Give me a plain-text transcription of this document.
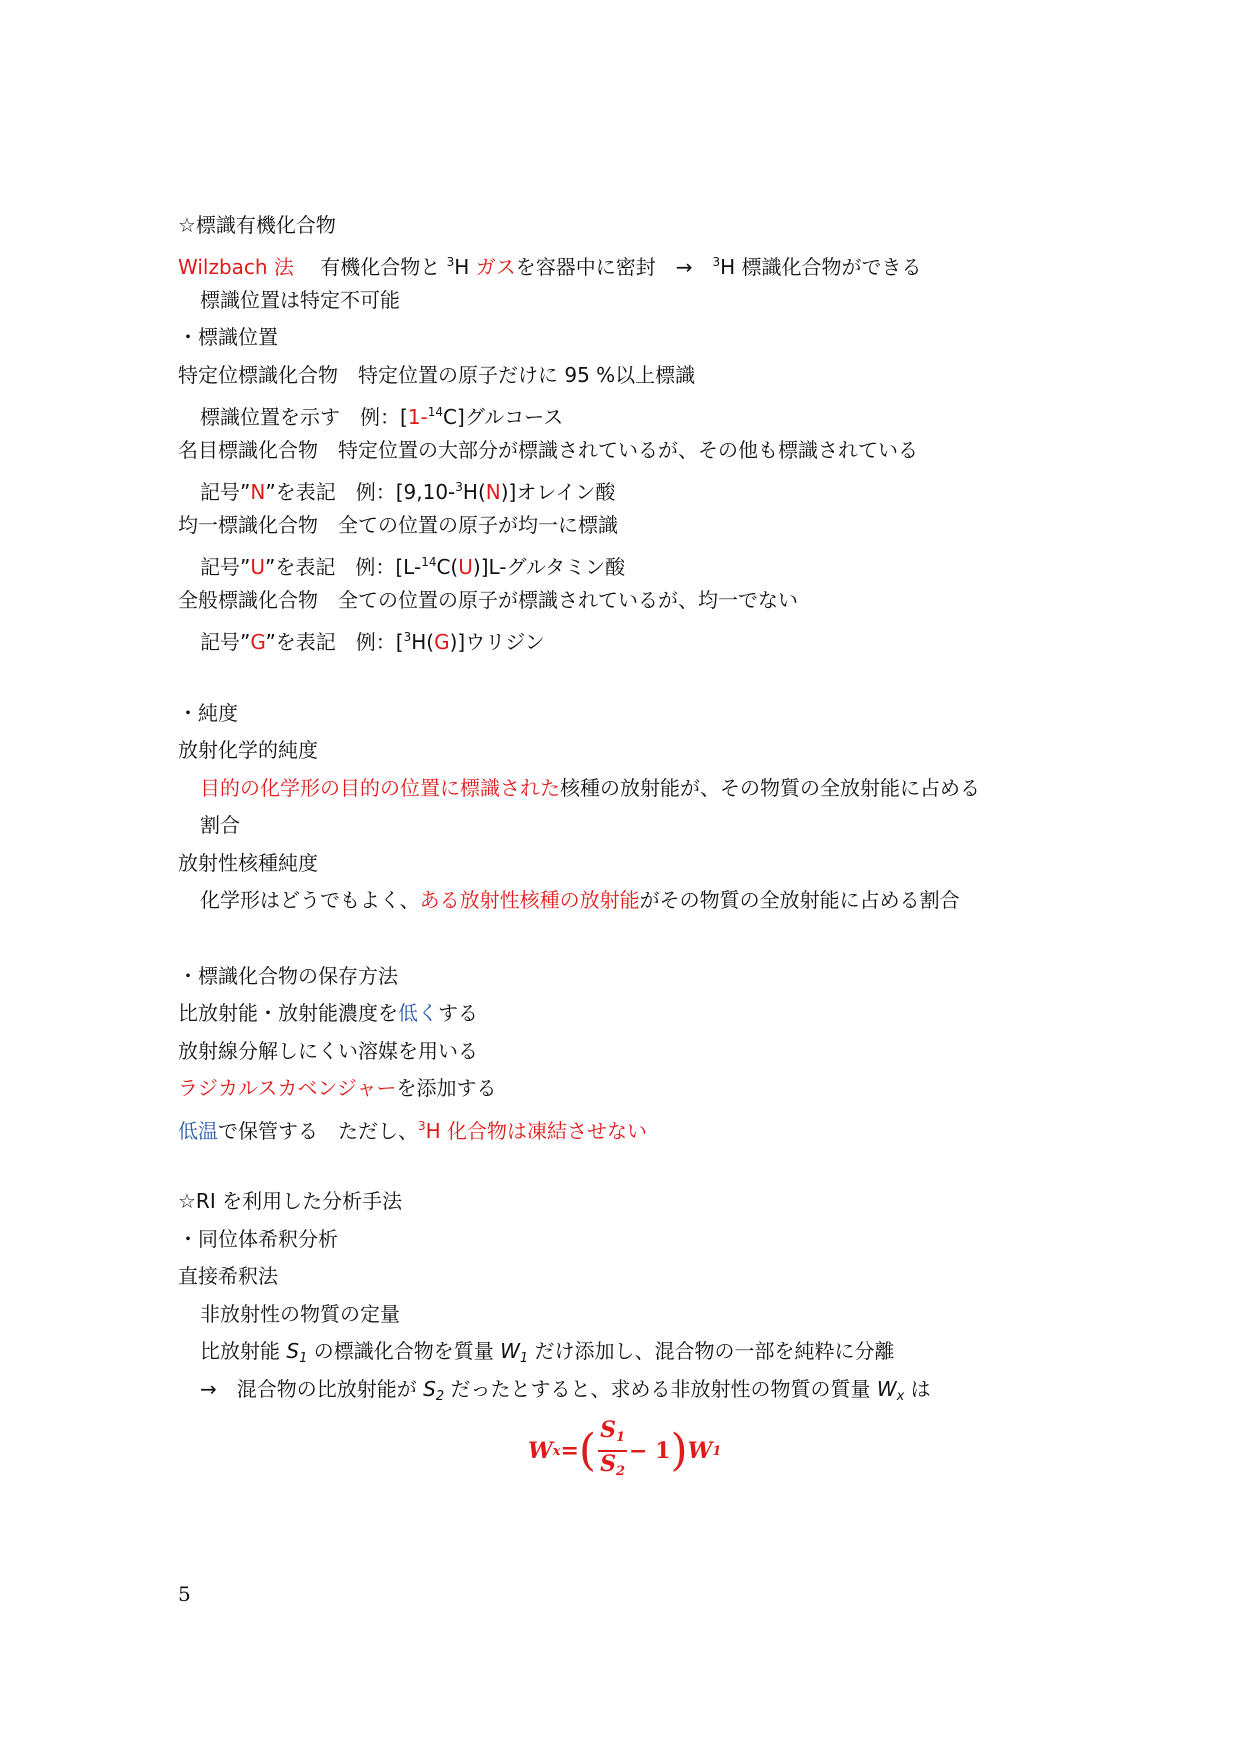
☆標識有機化合物
Wilzbach 法 　 有機化合物と $^3$H ガスを容器中に密封　→　$^3$H 標識化合物ができる
標識位置は特定不可能
・標識位置
特定位標識化合物　特定位置の原子だけに 95 %以上標識
標識位置を示す　例：[1-$^{14}$C]グルコース
名目標識化合物　特定位置の大部分が標識されているが、その他も標識されている
記号”N”を表記　例：[9,10-$^3$H(N)]オレイン酸
均一標識化合物　全ての位置の原子が均一に標識
記号”U”を表記　例：[L-$^{14}$C(U)]L-グルタミン酸
全般標識化合物　全ての位置の原子が標識されているが、均一でない
記号”G”を表記　例：[$^3$H(G)]ウリジン
・純度
放射化学的純度
目的の化学形の目的の位置に標識された核種の放射能が、その物質の全放射能に占める
割合
放射性核種純度
化学形はどうでもよく、ある放射性核種の放射能がその物質の全放射能に占める割合
・標識化合物の保存方法
比放射能・放射能濃度を低くする
放射線分解しにくい溶媒を用いる
ラジカルスカベンジャーを添加する
低温で保管する　ただし、$^3$H 化合物は凍結させない
☆RI を利用した分析手法
・同位体希釈分析
直接希釈法
非放射性の物質の定量
比放射能 $S_1$ の標識化合物を質量 $W_1$ だけ添加し、混合物の一部を純粋に分離
→　混合物の比放射能が $S_2$ だったとすると、求める非放射性の物質の質量 $W_x$ は
W x = ( $\frac{S_1}{S_2} - 1$ ) W 1
5
